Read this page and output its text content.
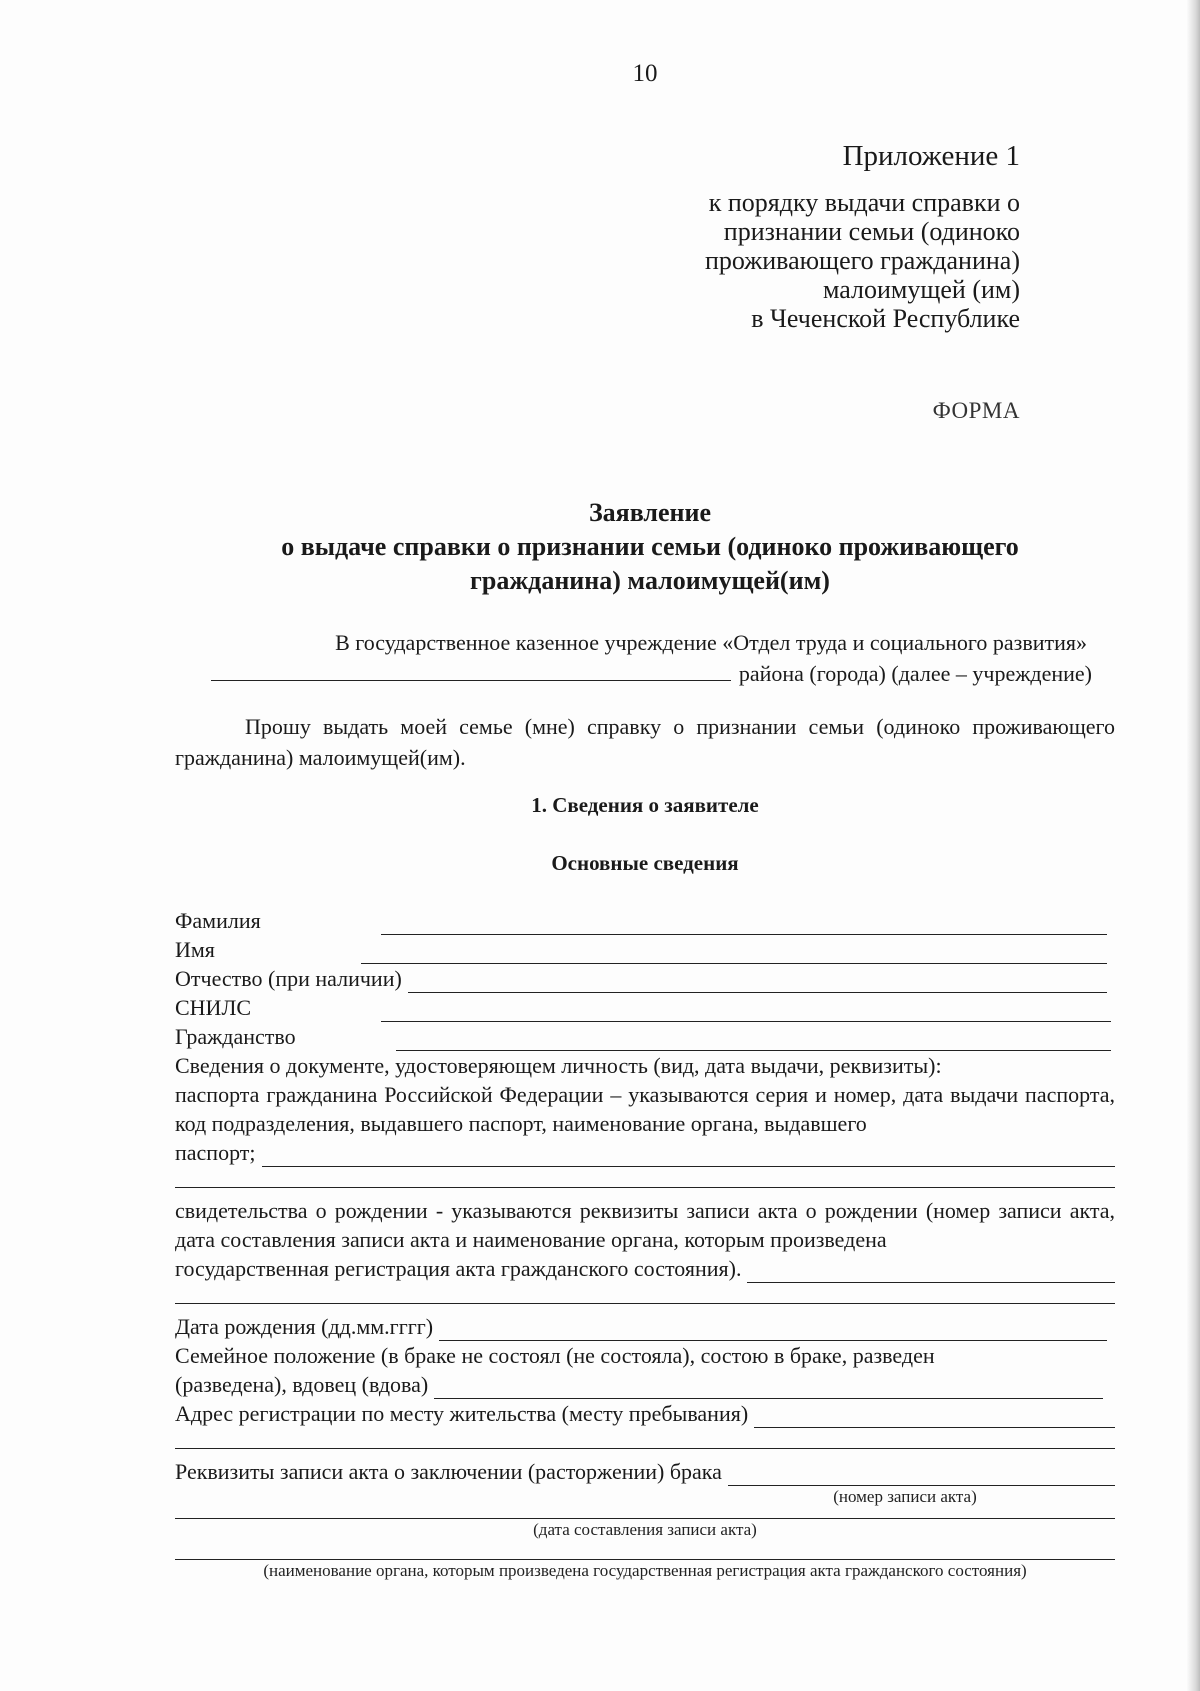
10
Приложение 1
к порядку выдачи справки о
признании семьи (одиноко
проживающего гражданина)
малоимущей (им)
в Чеченской Республике
ФОРМА
Заявление
о выдаче справки о признании семьи (одиноко проживающего
гражданина) малоимущей(им)
В государственное казенное учреждение «Отдел труда и социального развития»
района (города) (далее – учреждение)
Прошу выдать моей семье (мне) справку о признании семьи (одиноко проживающего гражданина) малоимущей(им).
1. Сведения о заявителе
Основные сведения
Фамилия
Имя
Отчество (при наличии)
СНИЛС
Гражданство
Сведения о документе, удостоверяющем личность (вид, дата выдачи, реквизиты):
паспорта гражданина Российской Федерации – указываются серия и номер, дата выдачи паспорта, код подразделения, выдавшего паспорт, наименование органа, выдавшего
паспорт;
свидетельства о рождении - указываются реквизиты записи акта о рождении (номер записи акта, дата составления записи акта и наименование органа, которым произведена
государственная регистрация акта гражданского состояния).
Дата рождения (дд.мм.гггг)
Семейное положение (в браке не состоял (не состояла), состою в браке, разведен
(разведена), вдовец (вдова)
Адрес регистрации по месту жительства (месту пребывания)
Реквизиты записи акта о заключении (расторжении) брака
(номер записи акта)
(дата составления записи акта)
(наименование органа, которым произведена государственная регистрация акта гражданского состояния)
